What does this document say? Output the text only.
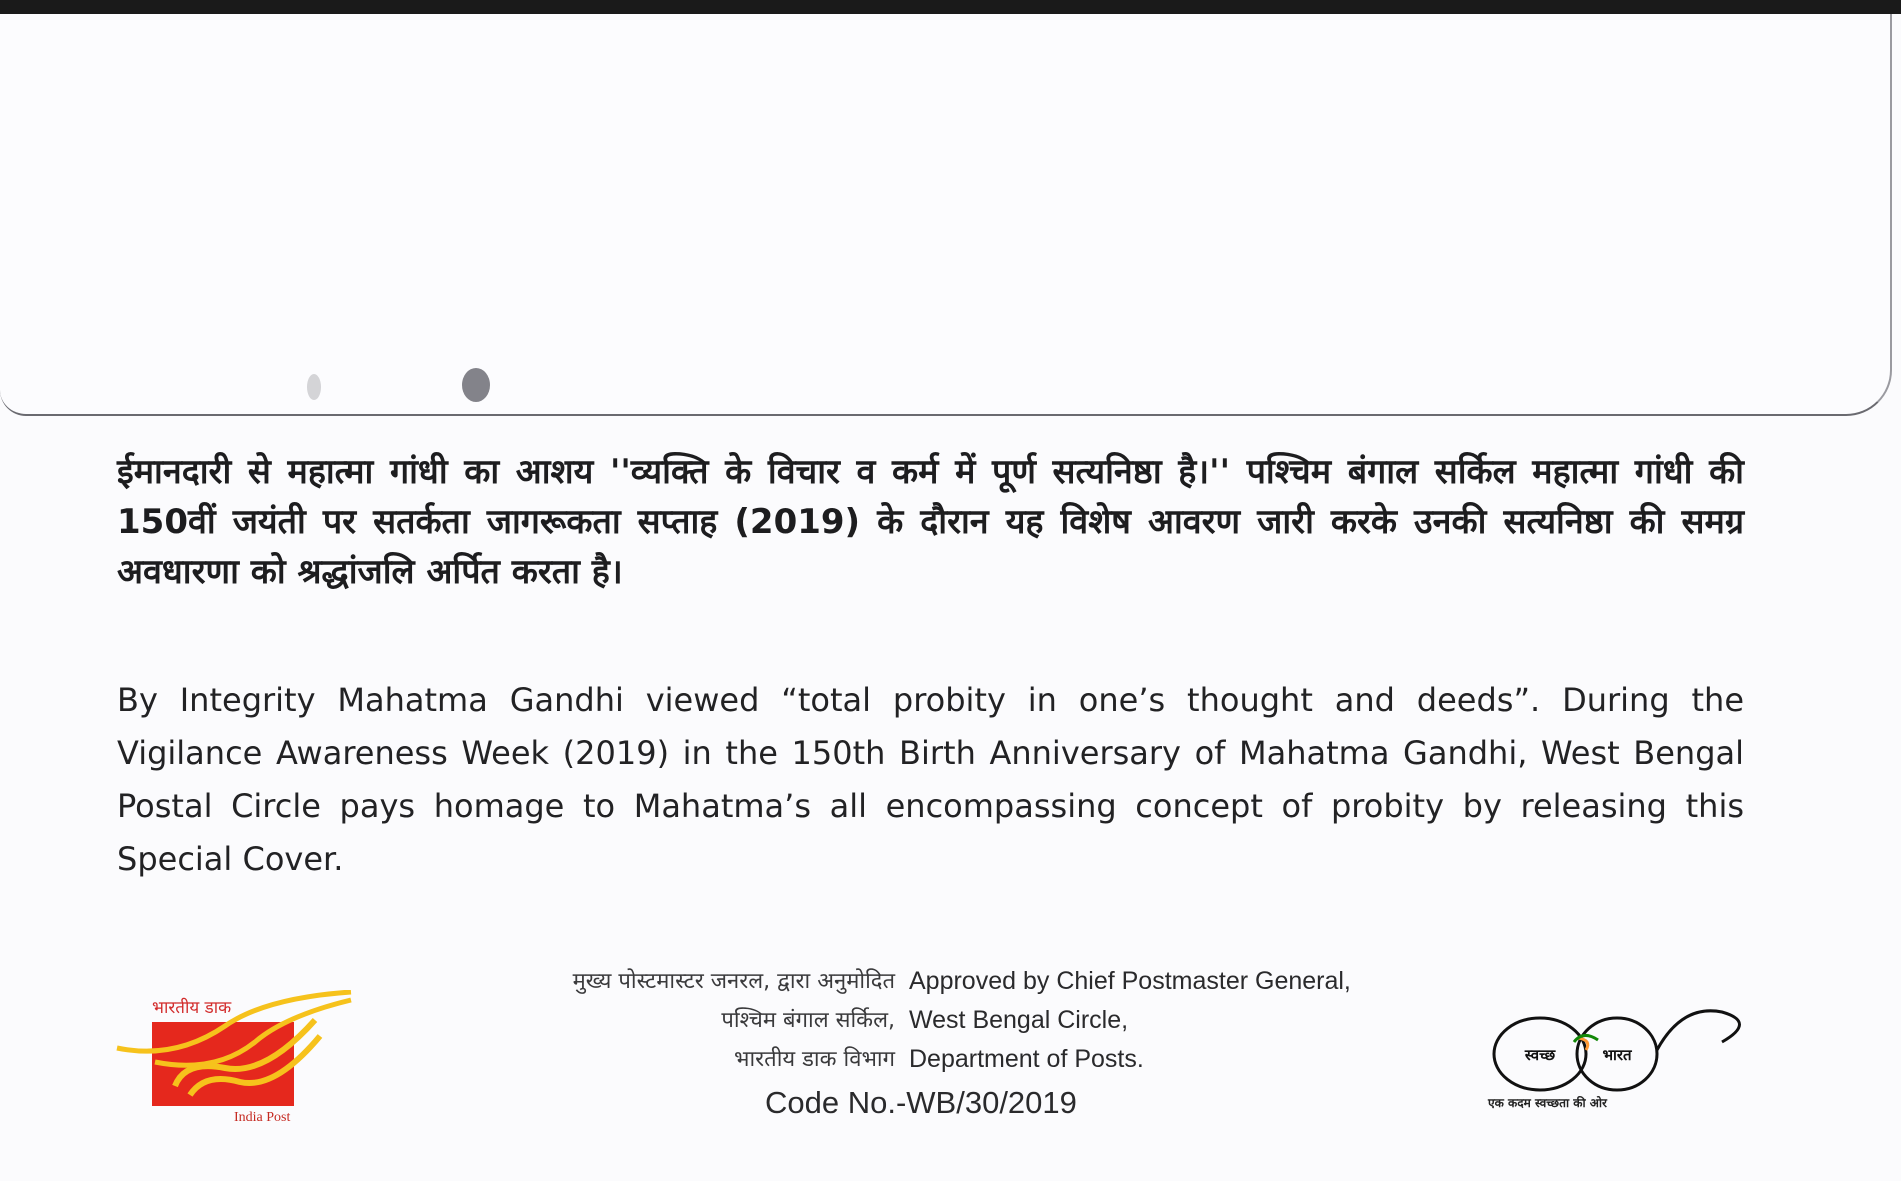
ईमानदारी से महात्मा गांधी का आशय ''व्यक्ति के विचार व कर्म में पूर्ण सत्यनिष्ठा है।'' पश्चिम बंगाल सर्किल महात्मा गांधी की 150वीं जयंती पर सतर्कता जागरूकता सप्ताह (2019) के दौरान यह विशेष आवरण जारी करके उनकी सत्यनिष्ठा की समग्र अवधारणा को श्रद्धांजलि अर्पित करता है।

By Integrity Mahatma Gandhi viewed “total probity in one’s thought and deeds”. During the Vigilance Awareness Week (2019) in the 150th Birth Anniversary of Mahatma Gandhi, West Bengal Postal Circle pays homage to Mahatma’s all encompassing concept of probity by releasing this Special Cover.

मुख्य पोस्टमास्टर जनरल, द्वारा अनुमोदित
पश्चिम बंगाल सर्किल,
भारतीय डाक विभाग
Approved by Chief Postmaster General,
West Bengal Circle,
Department of Posts.
Code No.-WB/30/2019
भारतीय डाक
India Post
स्वच्छ	भारत
एक कदम स्वच्छता की ओर
